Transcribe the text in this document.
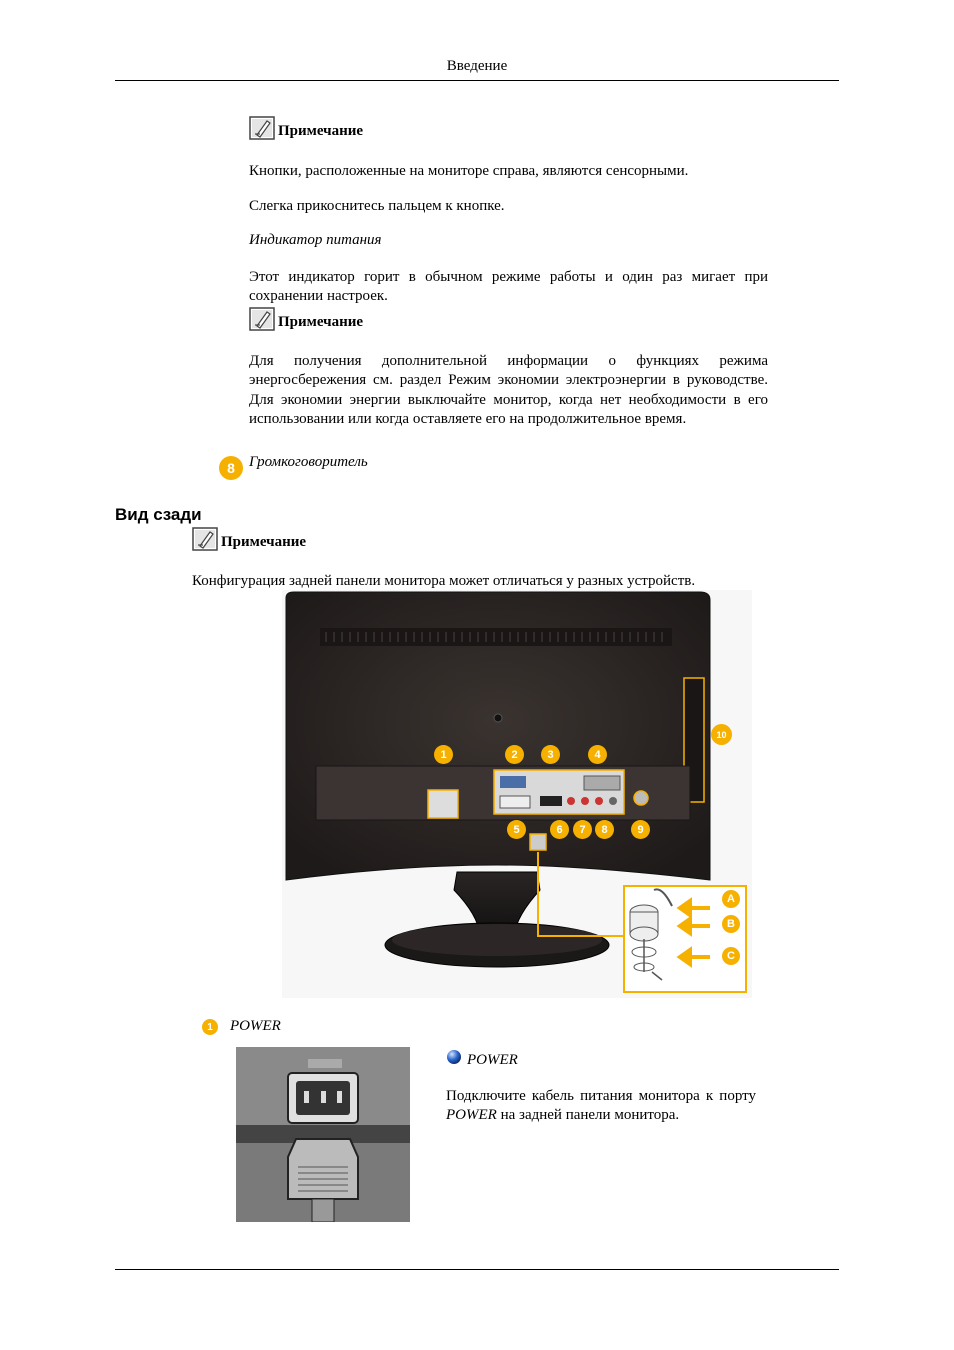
Введение
Примечание
Кнопки, расположенные на мониторе справа, являются сенсорными.
Слегка прикоснитесь пальцем к кнопке.
Индикатор питания
Этот индикатор горит в обычном режиме работы и один раз мигает при сохранении настроек.
Примечание
Для получения дополнительной информации о функциях режима энергосбережения см. раздел Режим экономии электроэнергии в руководстве. Для экономии энергии выключайте монитор, когда нет необходимости в его использовании или когда оставляете его на продолжительное время.
8 Громкоговоритель
Вид сзади
Примечание
Конфигурация задней панели монитора может отличаться у разных устройств.
1	2	3	4
5	6	7	8	9
10
A
B
C
1	POWER
POWER
Подключите кабель питания монитора к порту POWER на задней панели монитора.
